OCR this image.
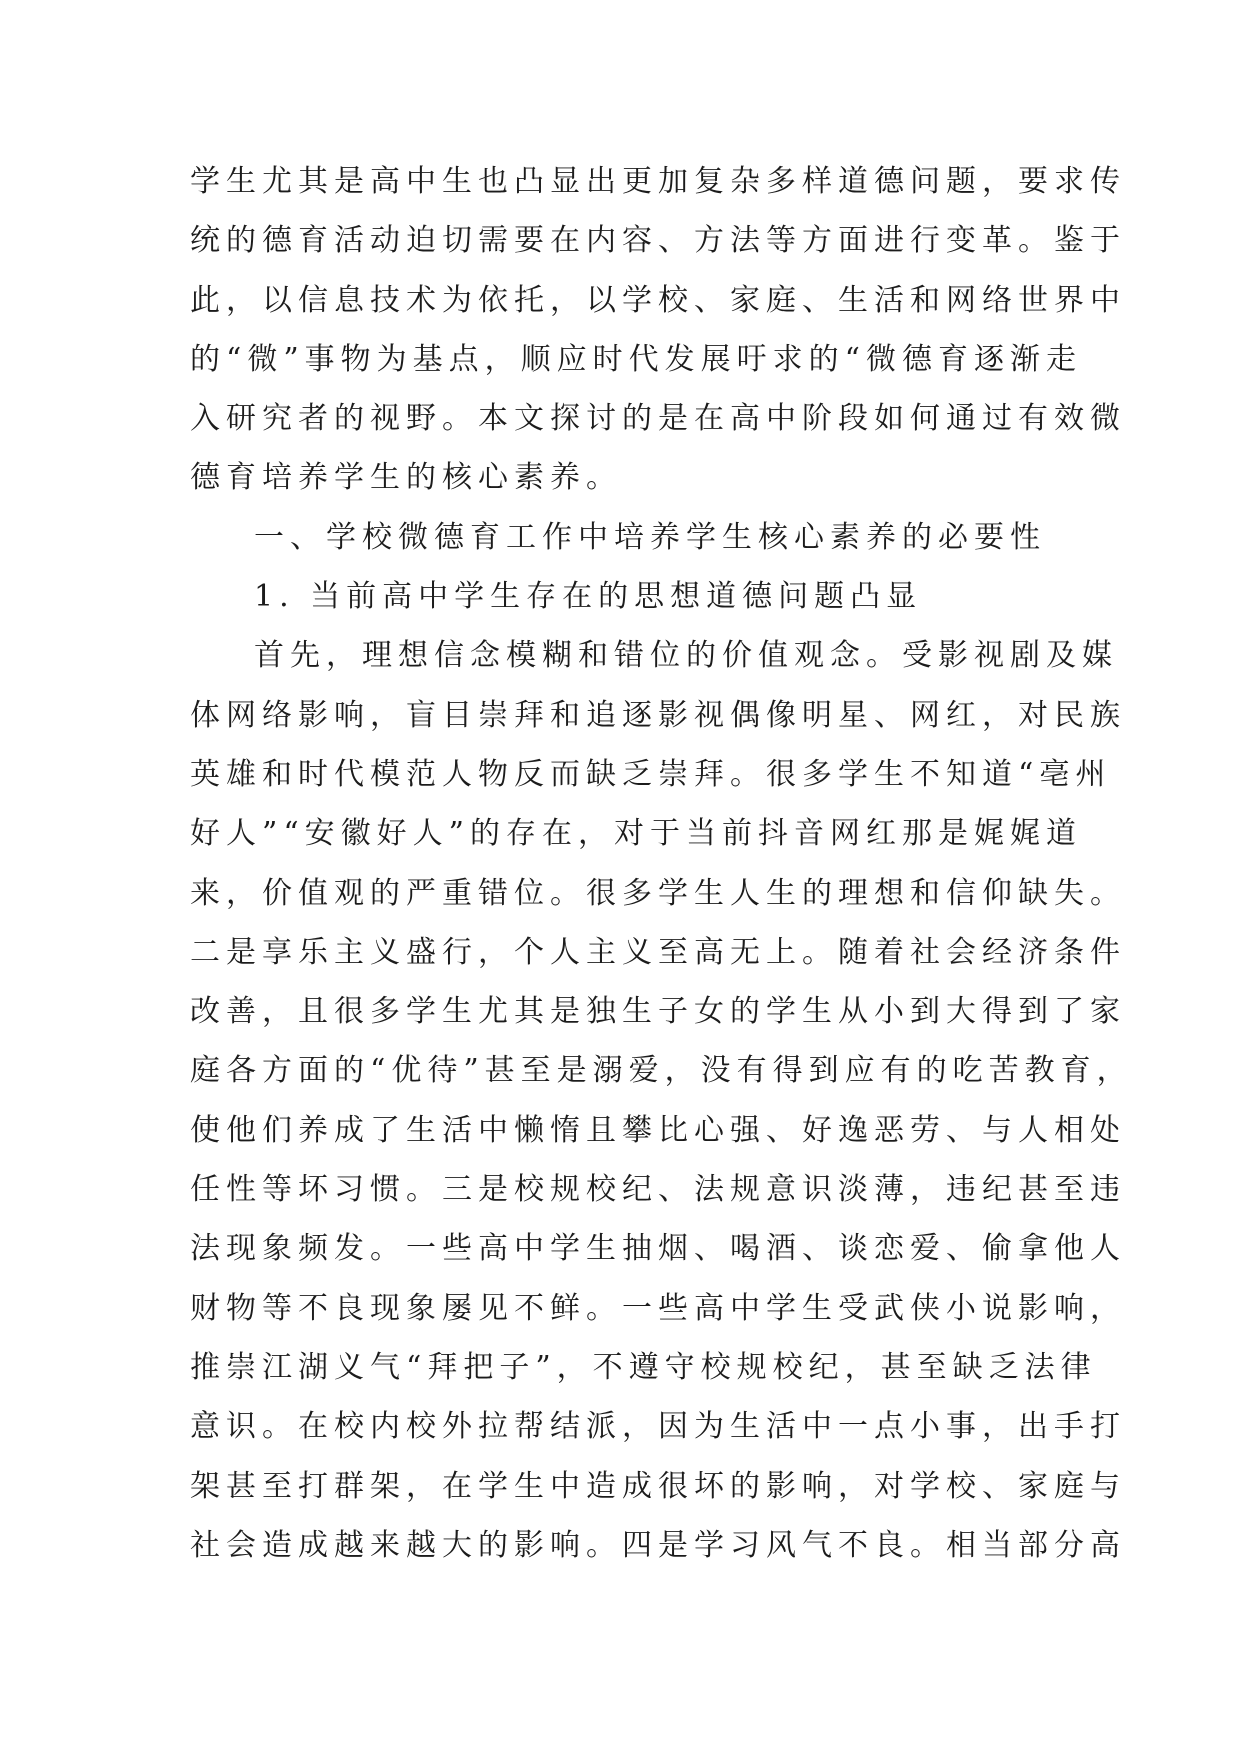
学生尤其是高中生也凸显出更加复杂多样道德问题，要求传
统的德育活动迫切需要在内容、方法等方面进行变革。鉴于
此，以信息技术为依托，以学校、家庭、生活和网络世界中
的“微”事物为基点，顺应时代发展吁求的“微德育逐渐走
入研究者的视野。本文探讨的是在高中阶段如何通过有效微
德育培养学生的核心素养。
一、学校微德育工作中培养学生核心素养的必要性
1. 当前高中学生存在的思想道德问题凸显
首先，理想信念模糊和错位的价值观念。受影视剧及媒
体网络影响，盲目崇拜和追逐影视偶像明星、网红，对民族
英雄和时代模范人物反而缺乏崇拜。很多学生不知道“亳州
好人”“安徽好人”的存在，对于当前抖音网红那是娓娓道
来，价值观的严重错位。很多学生人生的理想和信仰缺失。
二是享乐主义盛行，个人主义至高无上。随着社会经济条件
改善，且很多学生尤其是独生子女的学生从小到大得到了家
庭各方面的“优待”甚至是溺爱，没有得到应有的吃苦教育，
使他们养成了生活中懒惰且攀比心强、好逸恶劳、与人相处
任性等坏习惯。三是校规校纪、法规意识淡薄，违纪甚至违
法现象频发。一些高中学生抽烟、喝酒、谈恋爱、偷拿他人
财物等不良现象屡见不鲜。一些高中学生受武侠小说影响，
推崇江湖义气“拜把子”，不遵守校规校纪，甚至缺乏法律
意识。在校内校外拉帮结派，因为生活中一点小事，出手打
架甚至打群架，在学生中造成很坏的影响，对学校、家庭与
社会造成越来越大的影响。四是学习风气不良。相当部分高
